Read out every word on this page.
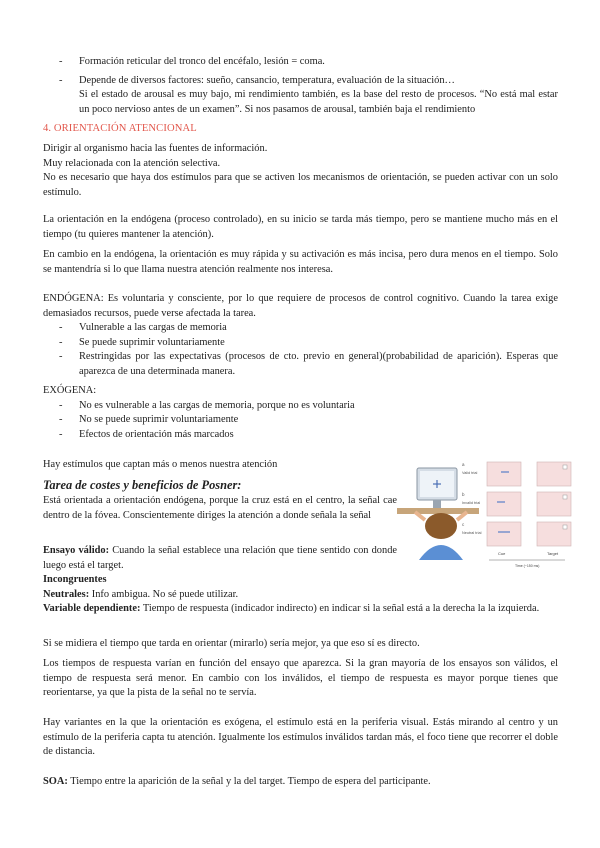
- Formación reticular del tronco del encéfalo, lesión = coma.
- Depende de diversos factores: sueño, cansancio, temperatura, evaluación de la situación…
Si el estado de arousal es muy bajo, mi rendimiento también, es la base del resto de procesos. “No está mal estar un poco nervioso antes de un examen”. Si nos pasamos de arousal, también baja el rendimiento
4. ORIENTACIÓN ATENCIONAL

Dirigir al organismo hacia las fuentes de información.

Muy relacionada con la atención selectiva.

No es necesario que haya dos estímulos para que se activen los mecanismos de orientación, se pueden activar con un solo estímulo.

La orientación en la endógena (proceso controlado), en su inicio se tarda más tiempo, pero se mantiene mucho más en el tiempo (tu quieres mantener la atención).

En cambio en la endógena, la orientación es muy rápida y su activación es más incisa, pero dura menos en el tiempo. Solo se mantendría si lo que llama nuestra atención realmente nos interesa.

ENDÓGENA: Es voluntaria y consciente, por lo que requiere de procesos de control cognitivo. Cuando la tarea exige demasiados recursos, puede verse afectada la tarea.

- Vulnerable a las cargas de memoria
- Se puede suprimir voluntariamente
- Restringidas por las expectativas (procesos de cto. previo en general)(probabilidad de aparición). Esperas que aparezca de una determinada manera.

EXÓGENA:

- No es vulnerable a las cargas de memoria, porque no es voluntaria
- No se puede suprimir voluntariamente
- Efectos de orientación más marcados

Hay estímulos que captan más o menos nuestra atención

Tarea de costes y beneficios de Posner:

Está orientada a orientación endógena, porque la cruz está en el centro, la señal cae dentro de la fóvea. Conscientemente diriges la atención a donde señala la señal

Ensayo válido: Cuando la señal establece una relación que tiene sentido con donde luego está el target.

Incongruentes

Neutrales: Info ambigua. No sé puede utilizar.

Variable dependiente: Tiempo de respuesta (indicador indirecto) en indicar si la señal está a la derecha la la izquierda.

Si se midiera el tiempo que tarda en orientar (mirarlo) sería mejor, ya que eso sí es directo.

Los tiempos de respuesta varían en función del ensayo que aparezca. Si la gran mayoría de los ensayos son válidos, el tiempo de respuesta será menor. En cambio con los inválidos, el tiempo de respuesta es mayor porque tienes que reorientarse, ya que la pista de la señal no te servía.

Hay variantes en la que la orientación es exógena, el estímulo está en la periferia visual. Estás mirando al centro y un estímulo de la periferia capta tu atención. Igualmente los estímulos inválidos tardan más, el foco tiene que recorrer el doble de distancia.

SOA: Tiempo entre la aparición de la señal y la del target. Tiempo de espera del participante.

a
Valid trial
b
Invalid trial
c
Neutral trial
Cue	Target
Time (~150 ms)
